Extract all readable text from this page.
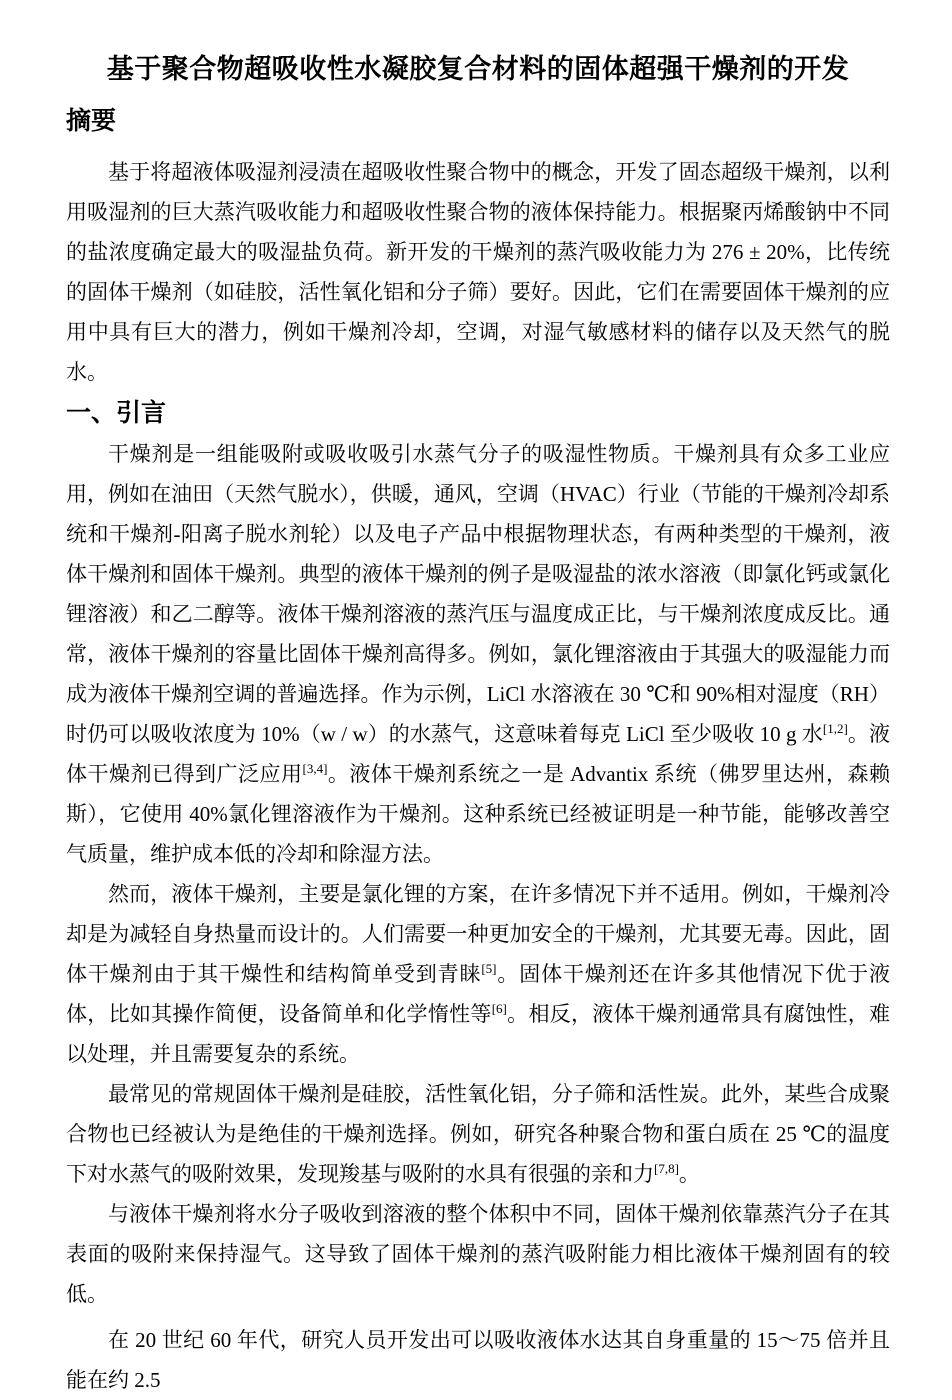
基于聚合物超吸收性水凝胶复合材料的固体超强干燥剂的开发
摘要

基于将超液体吸湿剂浸渍在超吸收性聚合物中的概念，开发了固态超级干燥剂，以利用吸湿剂的巨大蒸汽吸收能力和超吸收性聚合物的液体保持能力。根据聚丙烯酸钠中不同的盐浓度确定最大的吸湿盐负荷。新开发的干燥剂的蒸汽吸收能力为 276 ± 20%，比传统的固体干燥剂（如硅胶，活性氧化铝和分子筛）要好。因此，它们在需要固体干燥剂的应用中具有巨大的潜力，例如干燥剂冷却，空调，对湿气敏感材料的储存以及天然气的脱水。

一、引言

干燥剂是一组能吸附或吸收吸引水蒸气分子的吸湿性物质。干燥剂具有众多工业应用，例如在油田（天然气脱水），供暖，通风，空调（HVAC）行业（节能的干燥剂冷却系统和干燥剂-阳离子脱水剂轮）以及电子产品中根据物理状态，有两种类型的干燥剂，液体干燥剂和固体干燥剂。典型的液体干燥剂的例子是吸湿盐的浓水溶液（即氯化钙或氯化锂溶液）和乙二醇等。液体干燥剂溶液的蒸汽压与温度成正比，与干燥剂浓度成反比。通常，液体干燥剂的容量比固体干燥剂高得多。例如，氯化锂溶液由于其强大的吸湿能力而成为液体干燥剂空调的普遍选择。作为示例，LiCl 水溶液在 30 ℃和 90%相对湿度（RH）时仍可以吸收浓度为 10%（w / w）的水蒸气，这意味着每克 LiCl 至少吸收 10 g 水[1,2]。液体干燥剂已得到广泛应用[3,4]。液体干燥剂系统之一是 Advantix 系统（佛罗里达州，森赖斯），它使用 40%氯化锂溶液作为干燥剂。这种系统已经被证明是一种节能，能够改善空气质量，维护成本低的冷却和除湿方法。

然而，液体干燥剂，主要是氯化锂的方案，在许多情况下并不适用。例如，干燥剂冷却是为减轻自身热量而设计的。人们需要一种更加安全的干燥剂，尤其要无毒。因此，固体干燥剂由于其干燥性和结构简单受到青睐[5]。固体干燥剂还在许多其他情况下优于液体，比如其操作简便，设备简单和化学惰性等[6]。相反，液体干燥剂通常具有腐蚀性，难以处理，并且需要复杂的系统。

最常见的常规固体干燥剂是硅胶，活性氧化铝，分子筛和活性炭。此外，某些合成聚合物也已经被认为是绝佳的干燥剂选择。例如，研究各种聚合物和蛋白质在 25 ℃的温度下对水蒸气的吸附效果，发现羧基与吸附的水具有很强的亲和力[7,8]。

与液体干燥剂将水分子吸收到溶液的整个体积中不同，固体干燥剂依靠蒸汽分子在其表面的吸附来保持湿气。这导致了固体干燥剂的蒸汽吸附能力相比液体干燥剂固有的较低。

在 20 世纪 60 年代，研究人员开发出可以吸收液体水达其自身重量的 15〜75 倍并且能在约 2.5
